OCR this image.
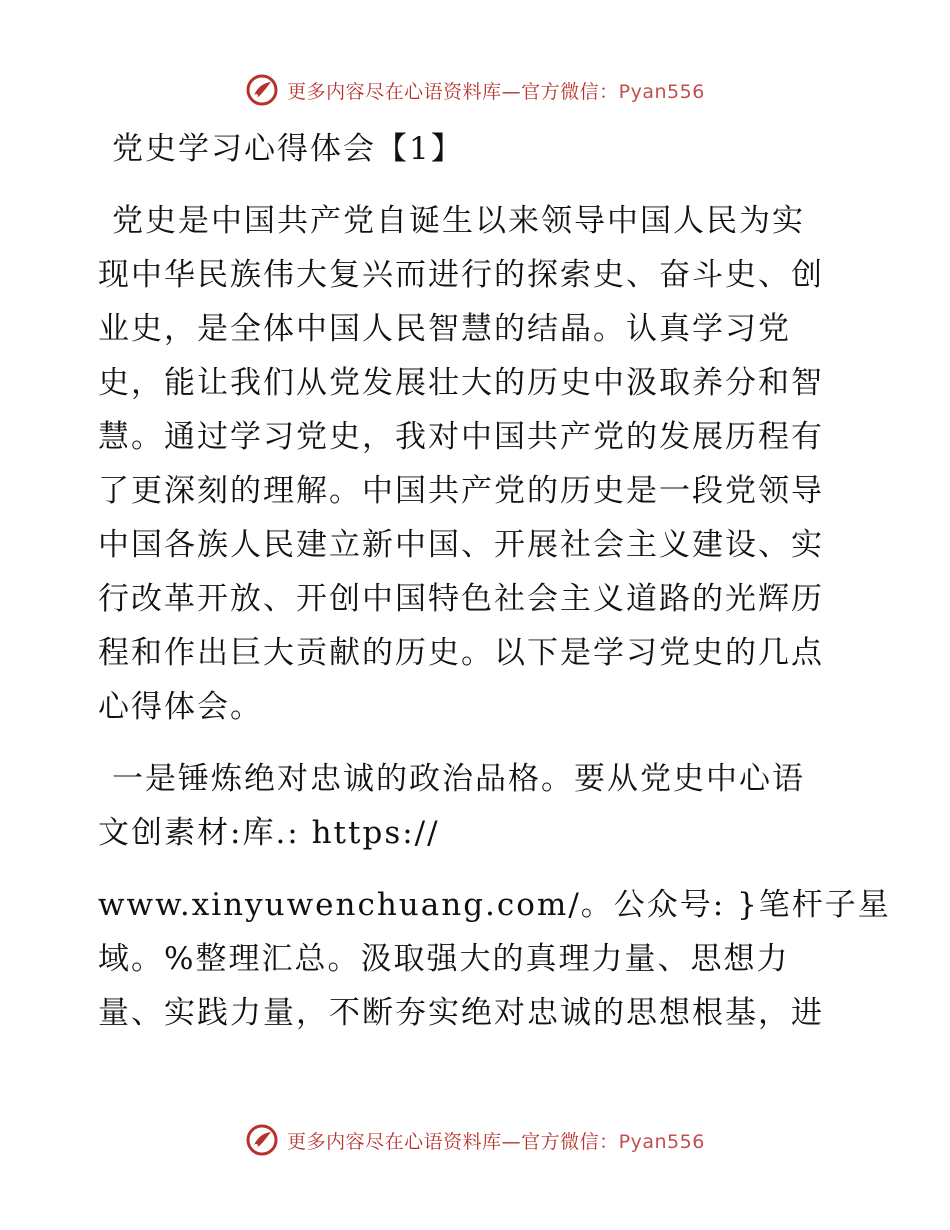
更多内容尽在心语资料库—官方微信：Pyan556
党史学习心得体会【1】
党史是中国共产党自诞生以来领导中国人民为实
现中华民族伟大复兴而进行的探索史、奋斗史、创
业史，是全体中国人民智慧的结晶。认真学习党
史，能让我们从党发展壮大的历史中汲取养分和智
慧。通过学习党史，我对中国共产党的发展历程有
了更深刻的理解。中国共产党的历史是一段党领导
中国各族人民建立新中国、开展社会主义建设、实
行改革开放、开创中国特色社会主义道路的光辉历
程和作出巨大贡献的历史。以下是学习党史的几点
心得体会。
一是锤炼绝对忠诚的政治品格。要从党史中心语
文创素材:库.: https://
www.xinyuwenchuang.com/。公众号: }笔杆子星
域。%整理汇总。汲取强大的真理力量、思想力
量、实践力量，不断夯实绝对忠诚的思想根基，进
更多内容尽在心语资料库—官方微信：Pyan556
